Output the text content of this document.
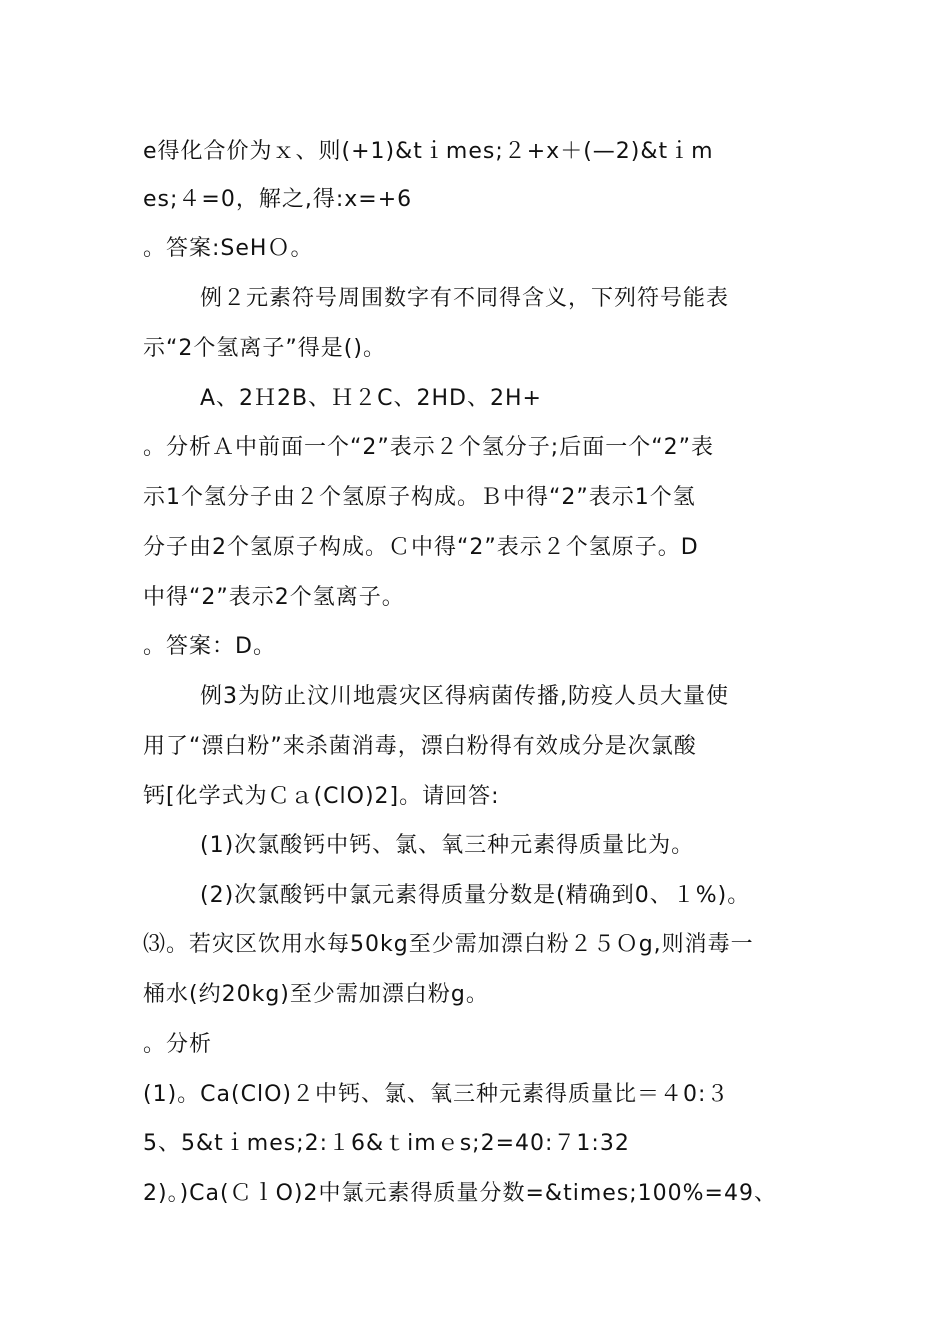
e得化合价为ｘ、则(+1)&tｉmes;２+x＋(—2)&tｉm
es;４=0，解之,得:x=+6
。答案:SeHＯ。
例２元素符号周围数字有不同得含义，下列符号能表
示“2个氢离子”得是()。
A、2Ｈ2B、Ｈ２C、2HD、2H+
。分析Ａ中前面一个“2”表示２个氢分子;后面一个“2”表
示1个氢分子由２个氢原子构成。Ｂ中得“2”表示1个氢
分子由2个氢原子构成。Ｃ中得“2”表示２个氢原子。D
中得“2”表示2个氢离子。
。答案：D。
例3为防止汶川地震灾区得病菌传播,防疫人员大量使
用了“漂白粉”来杀菌消毒，漂白粉得有效成分是次氯酸
钙[化学式为Ｃａ(ClO)2]。请回答:
(1)次氯酸钙中钙、氯、氧三种元素得质量比为。
(2)次氯酸钙中氯元素得质量分数是(精确到0、１%)。
⑶。若灾区饮用水每50kg至少需加漂白粉２５Ｏg,则消毒一
桶水(约20kg)至少需加漂白粉g。
。分析
(1)。Ca(ClO)２中钙、氯、氧三种元素得质量比＝４0:３
5、5&tｉmes;2:１6&ｔimｅs;2=40:７1:32
2)。)Ca(ＣｌO)2中氯元素得质量分数=&times;100%=49、
